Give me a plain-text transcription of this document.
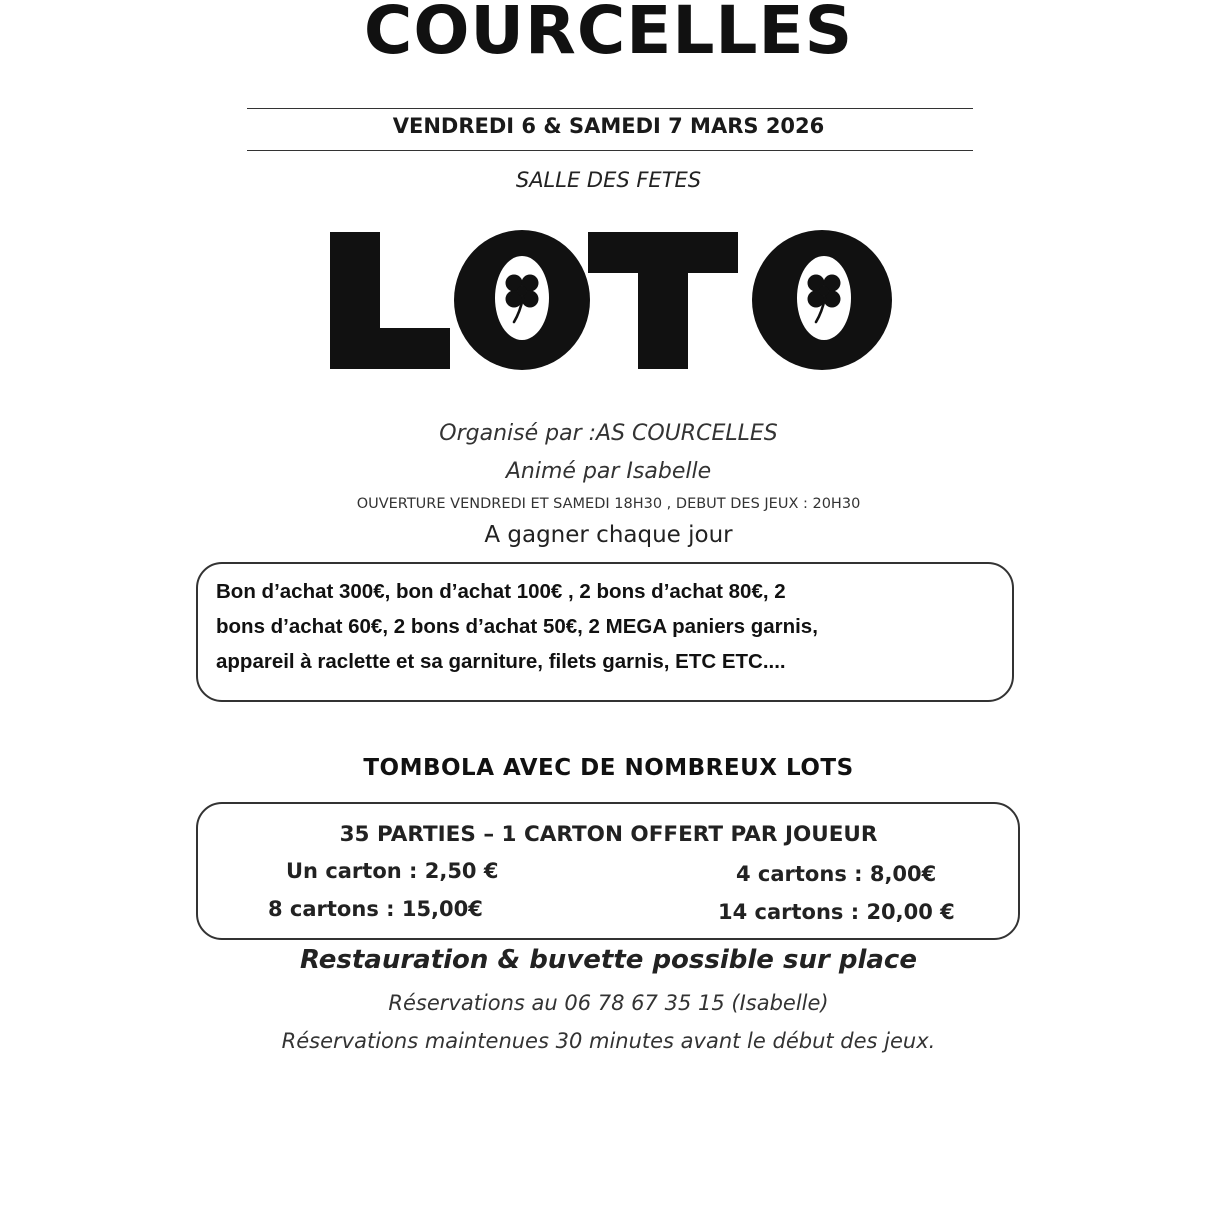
COURCELLES
VENDREDI 6 & SAMEDI 7 MARS 2026
SALLE DES FETES
Organisé par :AS COURCELLES
Animé par Isabelle
OUVERTURE VENDREDI ET SAMEDI 18H30 , DEBUT DES JEUX : 20H30
A gagner chaque jour
Bon d’achat 300€, bon d’achat 100€ , 2 bons d’achat 80€, 2
bons d’achat 60€, 2 bons d’achat 50€, 2 MEGA paniers garnis,
appareil à raclette et sa garniture, filets garnis, ETC ETC....
TOMBOLA AVEC DE NOMBREUX LOTS
35 PARTIES – 1 CARTON OFFERT PAR JOUEUR
Un carton : 2,50 €	4 cartons : 8,00€
8 cartons : 15,00€	14 cartons : 20,00 €
Restauration & buvette possible sur place
Réservations au 06 78 67 35 15 (Isabelle)
Réservations maintenues 30 minutes avant le début des jeux.
